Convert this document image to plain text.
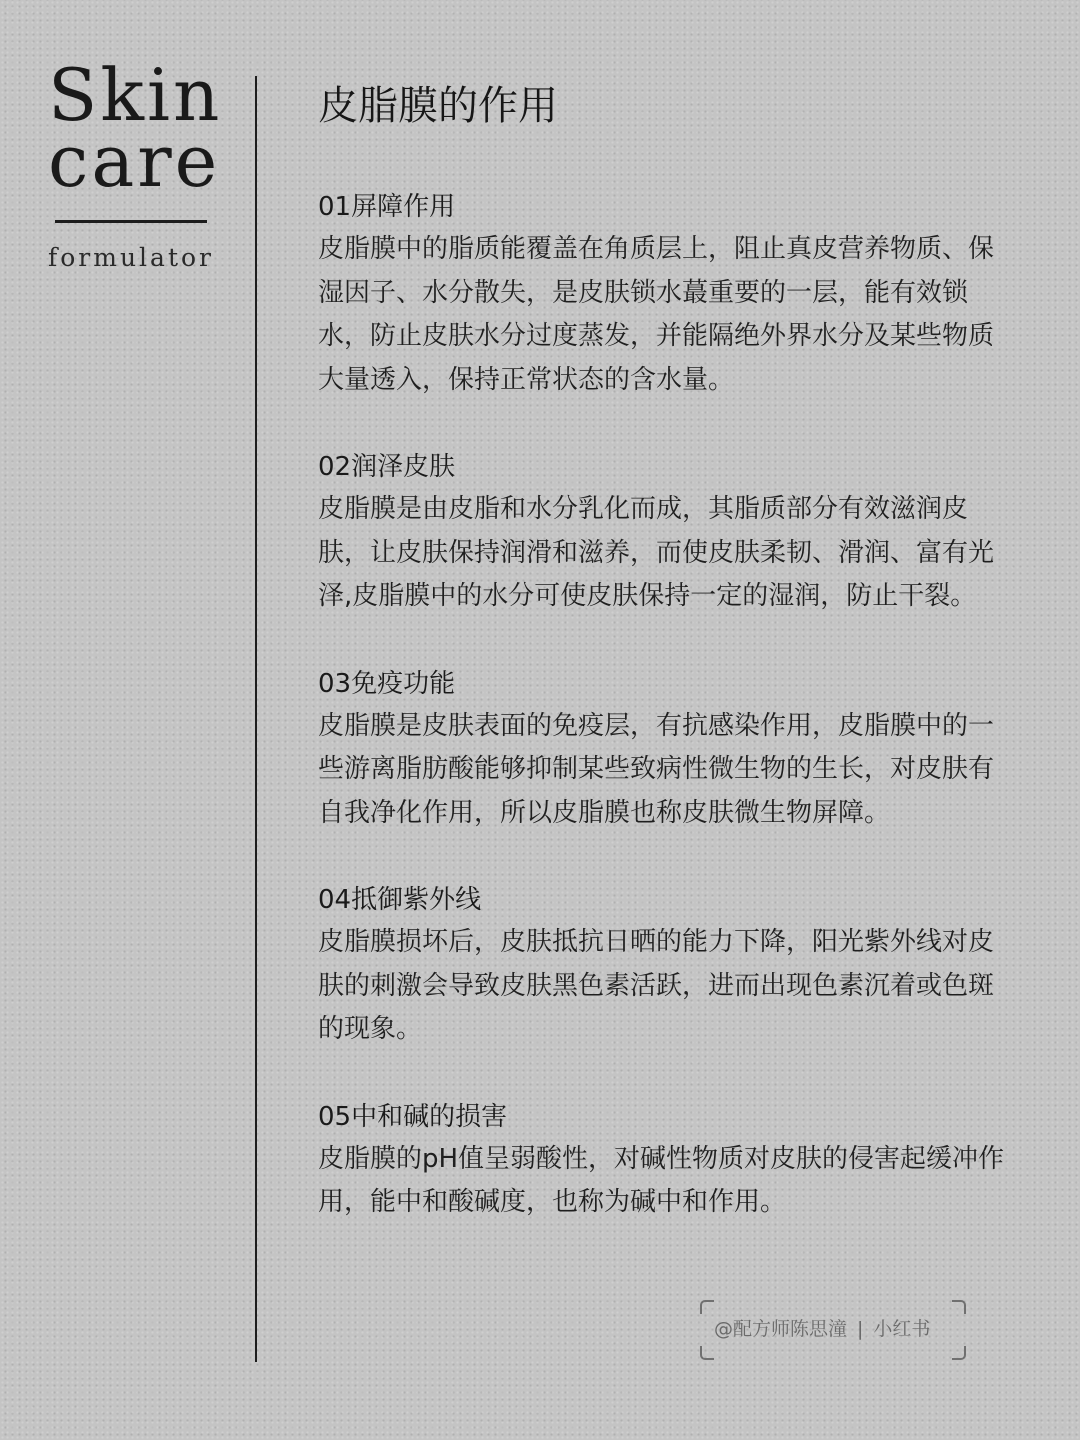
Skin
care
formulator
皮脂膜的作用
01屏障作用
皮脂膜中的脂质能覆盖在角质层上，阻止真皮营养物质、保湿因子、水分散失，是皮肤锁水蕞重要的一层，能有效锁水，防止皮肤水分过度蒸发，并能隔绝外界水分及某些物质大量透入，保持正常状态的含水量。
02润泽皮肤
皮脂膜是由皮脂和水分乳化而成，其脂质部分有效滋润皮肤，让皮肤保持润滑和滋养，而使皮肤柔韧、滑润、富有光泽,皮脂膜中的水分可使皮肤保持一定的湿润，防止干裂。
03免疫功能
皮脂膜是皮肤表面的免疫层，有抗感染作用，皮脂膜中的一些游离脂肪酸能够抑制某些致病性微生物的生长，对皮肤有自我净化作用，所以皮脂膜也称皮肤微生物屏障。
04抵御紫外线
皮脂膜损坏后，皮肤抵抗日晒的能力下降，阳光紫外线对皮肤的刺激会导致皮肤黑色素活跃，进而出现色素沉着或色斑的现象。
05中和碱的损害
皮脂膜的pH值呈弱酸性，对碱性物质对皮肤的侵害起缓冲作用，能中和酸碱度，也称为碱中和作用。
@配方师陈思潼 | 小红书
